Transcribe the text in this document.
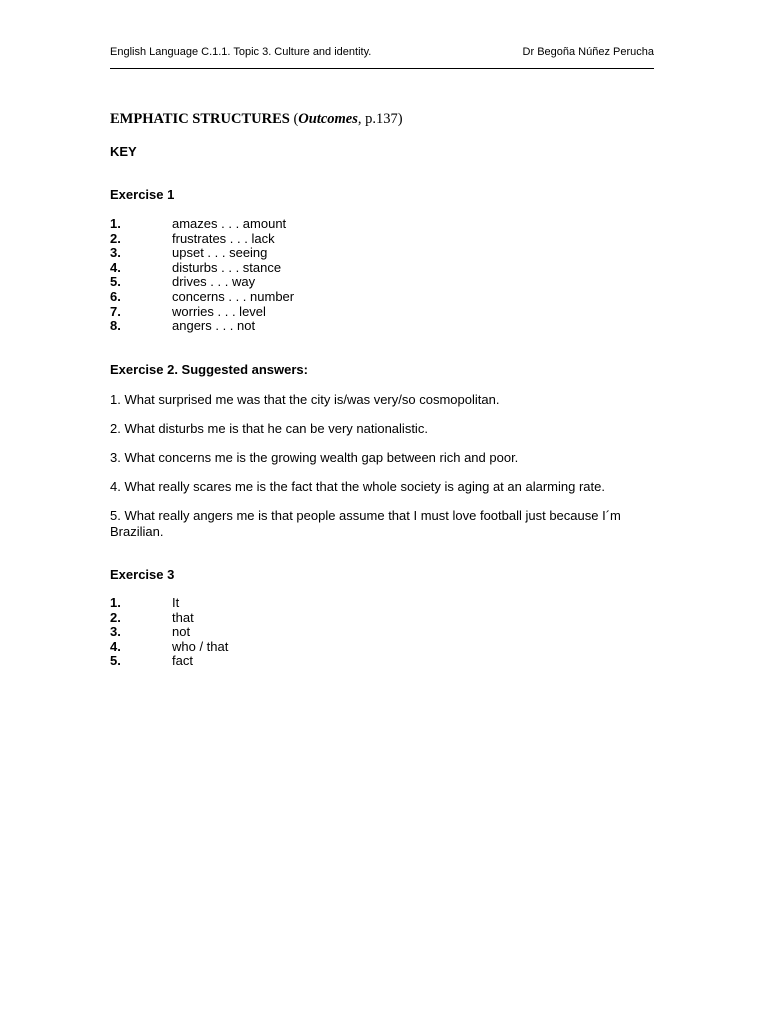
English Language C.1.1. Topic 3. Culture and identity.	Dr Begoña Núñez Perucha
EMPHATIC STRUCTURES (Outcomes, p.137)
KEY
Exercise 1
1.	amazes . . . amount
2.	frustrates . . . lack
3.	upset . . . seeing
4.	disturbs . . . stance
5.	drives . . . way
6.	concerns . . . number
7.	worries . . . level
8.	angers . . . not
Exercise 2. Suggested answers:

1. What surprised me was that the city is/was very/so cosmopolitan.

2. What disturbs me is that he can be very nationalistic.

3. What concerns me is the growing wealth gap between rich and poor.

4. What really scares me is the fact that the whole society is aging at an alarming rate.

5. What really angers me is that people assume that I must love football just because I´m Brazilian.

Exercise 3
1.	It
2.	that
3.	not
4.	who / that
5.	fact
